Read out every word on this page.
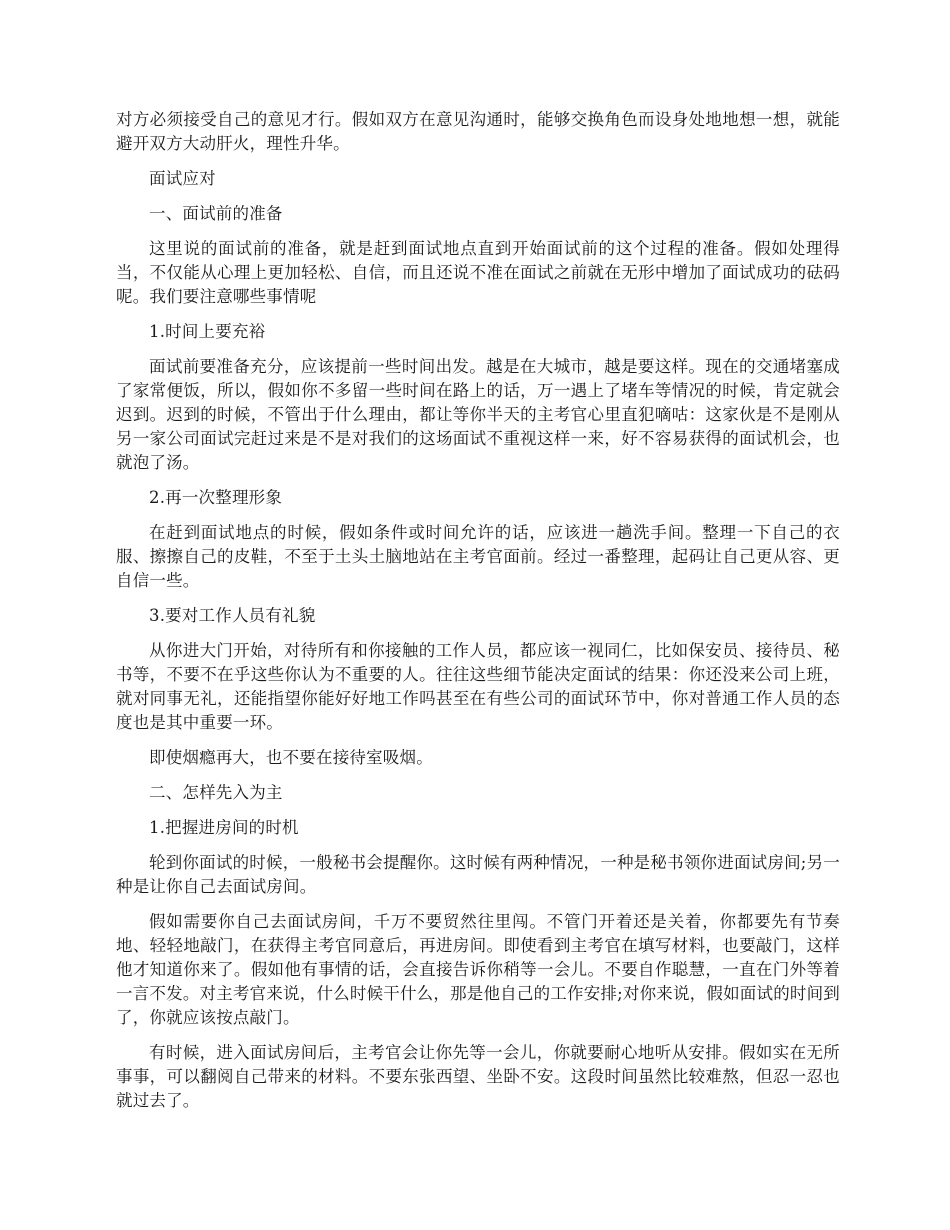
对方必须接受自己的意见才行。假如双方在意见沟通时，能够交换角色而设身处地地想一想，就能避开双方大动肝火，理性升华。

面试应对

一、面试前的准备

这里说的面试前的准备，就是赶到面试地点直到开始面试前的这个过程的准备。假如处理得当，不仅能从心理上更加轻松、自信，而且还说不准在面试之前就在无形中增加了面试成功的砝码呢。我们要注意哪些事情呢

1.时间上要充裕

面试前要准备充分，应该提前一些时间出发。越是在大城市，越是要这样。现在的交通堵塞成了家常便饭，所以，假如你不多留一些时间在路上的话，万一遇上了堵车等情况的时候，肯定就会迟到。迟到的时候，不管出于什么理由，都让等你半天的主考官心里直犯嘀咕：这家伙是不是刚从另一家公司面试完赶过来是不是对我们的这场面试不重视这样一来，好不容易获得的面试机会，也就泡了汤。

2.再一次整理形象

在赶到面试地点的时候，假如条件或时间允许的话，应该进一趟洗手间。整理一下自己的衣服、擦擦自己的皮鞋，不至于土头土脑地站在主考官面前。经过一番整理，起码让自己更从容、更自信一些。

3.要对工作人员有礼貌

从你进大门开始，对待所有和你接触的工作人员，都应该一视同仁，比如保安员、接待员、秘书等，不要不在乎这些你认为不重要的人。往往这些细节能决定面试的结果：你还没来公司上班，就对同事无礼，还能指望你能好好地工作吗甚至在有些公司的面试环节中，你对普通工作人员的态度也是其中重要一环。

即使烟瘾再大，也不要在接待室吸烟。

二、怎样先入为主

1.把握进房间的时机

轮到你面试的时候，一般秘书会提醒你。这时候有两种情况，一种是秘书领你进面试房间;另一种是让你自己去面试房间。

假如需要你自己去面试房间，千万不要贸然往里闯。不管门开着还是关着，你都要先有节奏地、轻轻地敲门，在获得主考官同意后，再进房间。即使看到主考官在填写材料，也要敲门，这样他才知道你来了。假如他有事情的话，会直接告诉你稍等一会儿。不要自作聪慧，一直在门外等着一言不发。对主考官来说，什么时候干什么，那是他自己的工作安排;对你来说，假如面试的时间到了，你就应该按点敲门。

有时候，进入面试房间后，主考官会让你先等一会儿，你就要耐心地听从安排。假如实在无所事事，可以翻阅自己带来的材料。不要东张西望、坐卧不安。这段时间虽然比较难熬，但忍一忍也就过去了。
